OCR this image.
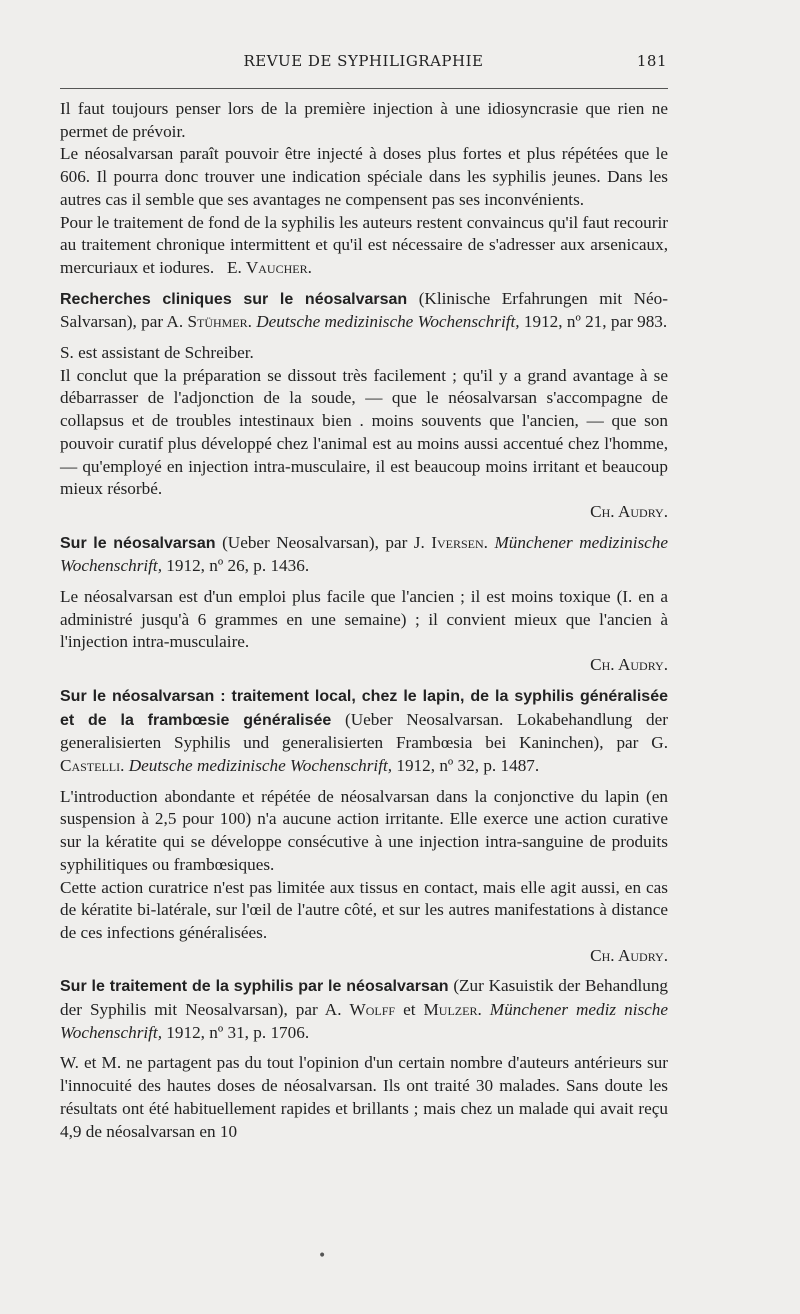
REVUE DE SYPHILIGRAPHIE	181

Il faut toujours penser lors de la première injection à une idiosyncrasie que rien ne permet de prévoir.

Le néosalvarsan paraît pouvoir être injecté à doses plus fortes et plus répétées que le 606. Il pourra donc trouver une indication spéciale dans les syphilis jeunes. Dans les autres cas il semble que ses avantages ne compensent pas ses inconvénients.

Pour le traitement de fond de la syphilis les auteurs restent convaincus qu'il faut recourir au traitement chronique intermittent et qu'il est nécessaire de s'adresser aux arsenicaux, mercuriaux et iodures. E. Vaucher.

Recherches cliniques sur le néosalvarsan (Klinische Erfahrungen mit Néo-Salvarsan), par A. Stühmer. Deutsche medizinische Wochenschrift, 1912, nº 21, par 983.

S. est assistant de Schreiber.

Il conclut que la préparation se dissout très facilement ; qu'il y a grand avantage à se débarrasser de l'adjonction de la soude, — que le néosalvarsan s'accompagne de collapsus et de troubles intestinaux bien . moins souvents que l'ancien, — que son pouvoir curatif plus développé chez l'animal est au moins aussi accentué chez l'homme, — qu'employé en injection intra-musculaire, il est beaucoup moins irritant et beaucoup mieux résorbé.

Ch. Audry.

Sur le néosalvarsan (Ueber Neosalvarsan), par J. Iversen. Münchener medizinische Wochenschrift, 1912, nº 26, p. 1436.

Le néosalvarsan est d'un emploi plus facile que l'ancien ; il est moins toxique (I. en a administré jusqu'à 6 grammes en une semaine) ; il convient mieux que l'ancien à l'injection intra-musculaire.

Ch. Audry.

Sur le néosalvarsan : traitement local, chez le lapin, de la syphilis généralisée et de la frambœsie généralisée (Ueber Neosalvarsan. Lokabehandlung der generalisierten Syphilis und generalisierten Frambœsia bei Kaninchen), par G. Castelli. Deutsche medizinische Wochenschrift, 1912, nº 32, p. 1487.

L'introduction abondante et répétée de néosalvarsan dans la conjonctive du lapin (en suspension à 2,5 pour 100) n'a aucune action irritante. Elle exerce une action curative sur la kératite qui se développe consécutive à une injection intra-sanguine de produits syphilitiques ou frambœsiques.

Cette action curatrice n'est pas limitée aux tissus en contact, mais elle agit aussi, en cas de kératite bi-latérale, sur l'œil de l'autre côté, et sur les autres manifestations à distance de ces infections généralisées.

Ch. Audry.

Sur le traitement de la syphilis par le néosalvarsan (Zur Kasuistik der Behandlung der Syphilis mit Neosalvarsan), par A. Wolff et Mulzer. Münchener mediz nische Wochenschrift, 1912, nº 31, p. 1706.

W. et M. ne partagent pas du tout l'opinion d'un certain nombre d'auteurs antérieurs sur l'innocuité des hautes doses de néosalvarsan. Ils ont traité 30 malades. Sans doute les résultats ont été habituellement rapides et brillants ; mais chez un malade qui avait reçu 4,9 de néosalvarsan en 10

•
